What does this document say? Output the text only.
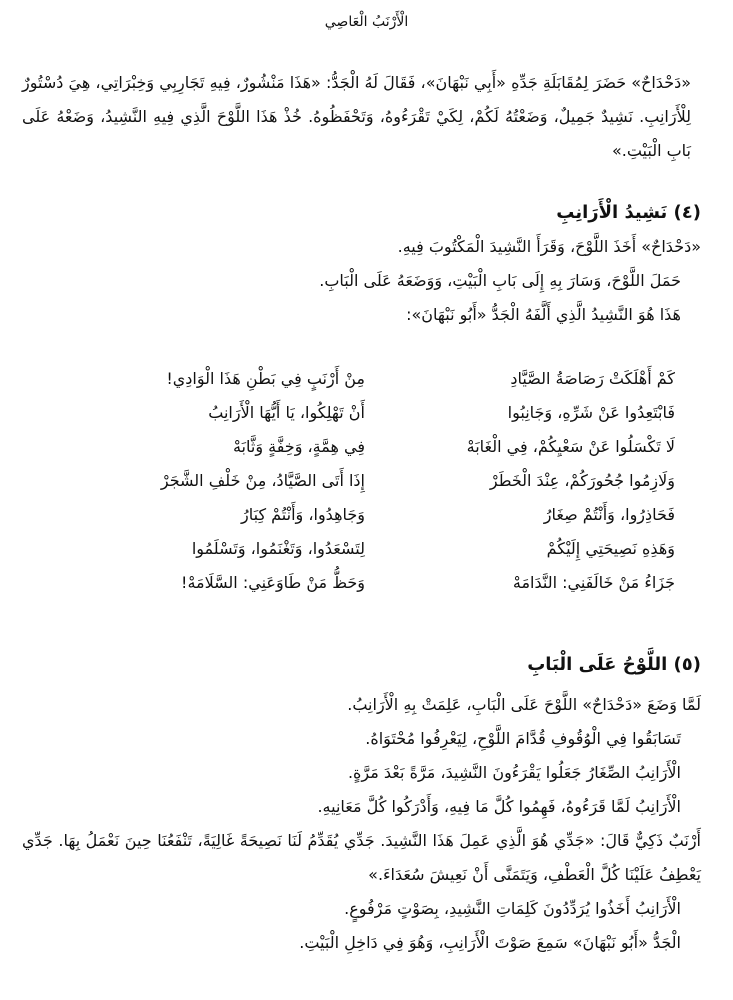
الْأَرْنَبُ الْعَاصِي

«دَحْدَاحٌ» حَضَرَ لِمُقَابَلَةِ جَدِّهِ «أَبِي نَبْهَانَ»، فَقَالَ لَهُ الْجَدُّ: «هَذَا مَنْشُورٌ، فِيهِ تَجَارِبِي وَخِبْرَاتِي، هِيَ دُسْتُورٌ لِلْأَرَانِبِ. نَشِيدٌ جَمِيلٌ، وَضَعْتُهُ لَكُمْ، لِكَيْ تَقْرَءُوهُ، وَتَحْفَظُوهُ. خُذْ هَذَا اللَّوْحَ الَّذِي فِيهِ النَّشِيدُ، وَضَعْهُ عَلَى بَابِ الْبَيْتِ.»

(٤) نَشِيدُ الْأَرَانِبِ

«دَحْدَاحٌ» أَخَذَ اللَّوْحَ، وَقَرَأَ النَّشِيدَ الْمَكْتُوبَ فِيهِ.

حَمَلَ اللَّوْحَ، وَسَارَ بِهِ إِلَى بَابِ الْبَيْتِ، وَوَضَعَهُ عَلَى الْبَابِ.

هَذَا هُوَ النَّشِيدُ الَّذِي أَلَّفَهُ الْجَدُّ «أَبُو نَبْهَانَ»:

كَمْ أَهْلَكَتْ رَصَاصَةُ الصَّيَّادِ
مِنْ أَرْنَبٍ فِي بَطْنِ هَذَا الْوَادِي!
فَابْتَعِدُوا عَنْ شَرِّهِ، وَجَانِبُوا
أَنْ تَهْلِكُوا، يَا أَيُّهَا الْأَرَانِبُ
لَا تَكْسَلُوا عَنْ سَعْيِكُمْ، فِي الْغَابَهْ
فِي هِمَّةٍ، وَخِفَّةٍ وَثَّابَهْ
وَلَازِمُوا جُحُورَكُمْ، عِنْدَ الْخَطَرْ
إِذَا أَتَى الصَّيَّادُ، مِنْ خَلْفِ الشَّجَرْ
فَحَاذِرُوا، وَأَنْتُمْ صِغَارُ
وَجَاهِدُوا، وَأَنْتُمْ كِبَارُ
وَهَذِهِ نَصِيحَتِي إِلَيْكُمْ
لِتَسْعَدُوا، وَتَغْنَمُوا، وَتَسْلَمُوا
جَزَاءُ مَنْ خَالَفَنِي: النَّدَامَهْ
وَحَظُّ مَنْ طَاوَعَنِي: السَّلَامَهْ!
(٥) اللَّوْحُ عَلَى الْبَابِ

لَمَّا وَضَعَ «دَحْدَاحٌ» اللَّوْحَ عَلَى الْبَابِ، عَلِمَتْ بِهِ الْأَرَانِبُ.

تَسَابَقُوا فِي الْوُقُوفِ قُدَّامَ اللَّوْحِ، لِيَعْرِفُوا مُحْتَوَاهُ.

الْأَرَانِبُ الصِّغَارُ جَعَلُوا يَقْرَءُونَ النَّشِيدَ، مَرَّةً بَعْدَ مَرَّةٍ.

الْأَرَانِبُ لَمَّا قَرَءُوهُ، فَهِمُوا كُلَّ مَا فِيهِ، وَأَدْرَكُوا كُلَّ مَعَانِيهِ.

أَرْنَبٌ ذَكِيٌّ قَالَ: «جَدِّي هُوَ الَّذِي عَمِلَ هَذَا النَّشِيدَ. جَدِّي يُقَدِّمُ لَنَا نَصِيحَةً غَالِيَةً، تَنْفَعُنَا حِينَ نَعْمَلُ بِهَا. جَدِّي يَعْطِفُ عَلَيْنَا كُلَّ الْعَطْفِ، وَيَتَمَنَّى أَنْ نَعِيشَ سُعَدَاءَ.»

الْأَرَانِبُ أَخَذُوا يُرَدِّدُونَ كَلِمَاتِ النَّشِيدِ، بِصَوْتٍ مَرْفُوعٍ.

الْجَدُّ «أَبُو نَبْهَانَ» سَمِعَ صَوْتَ الْأَرَانِبِ، وَهُوَ فِي دَاخِلِ الْبَيْتِ.
